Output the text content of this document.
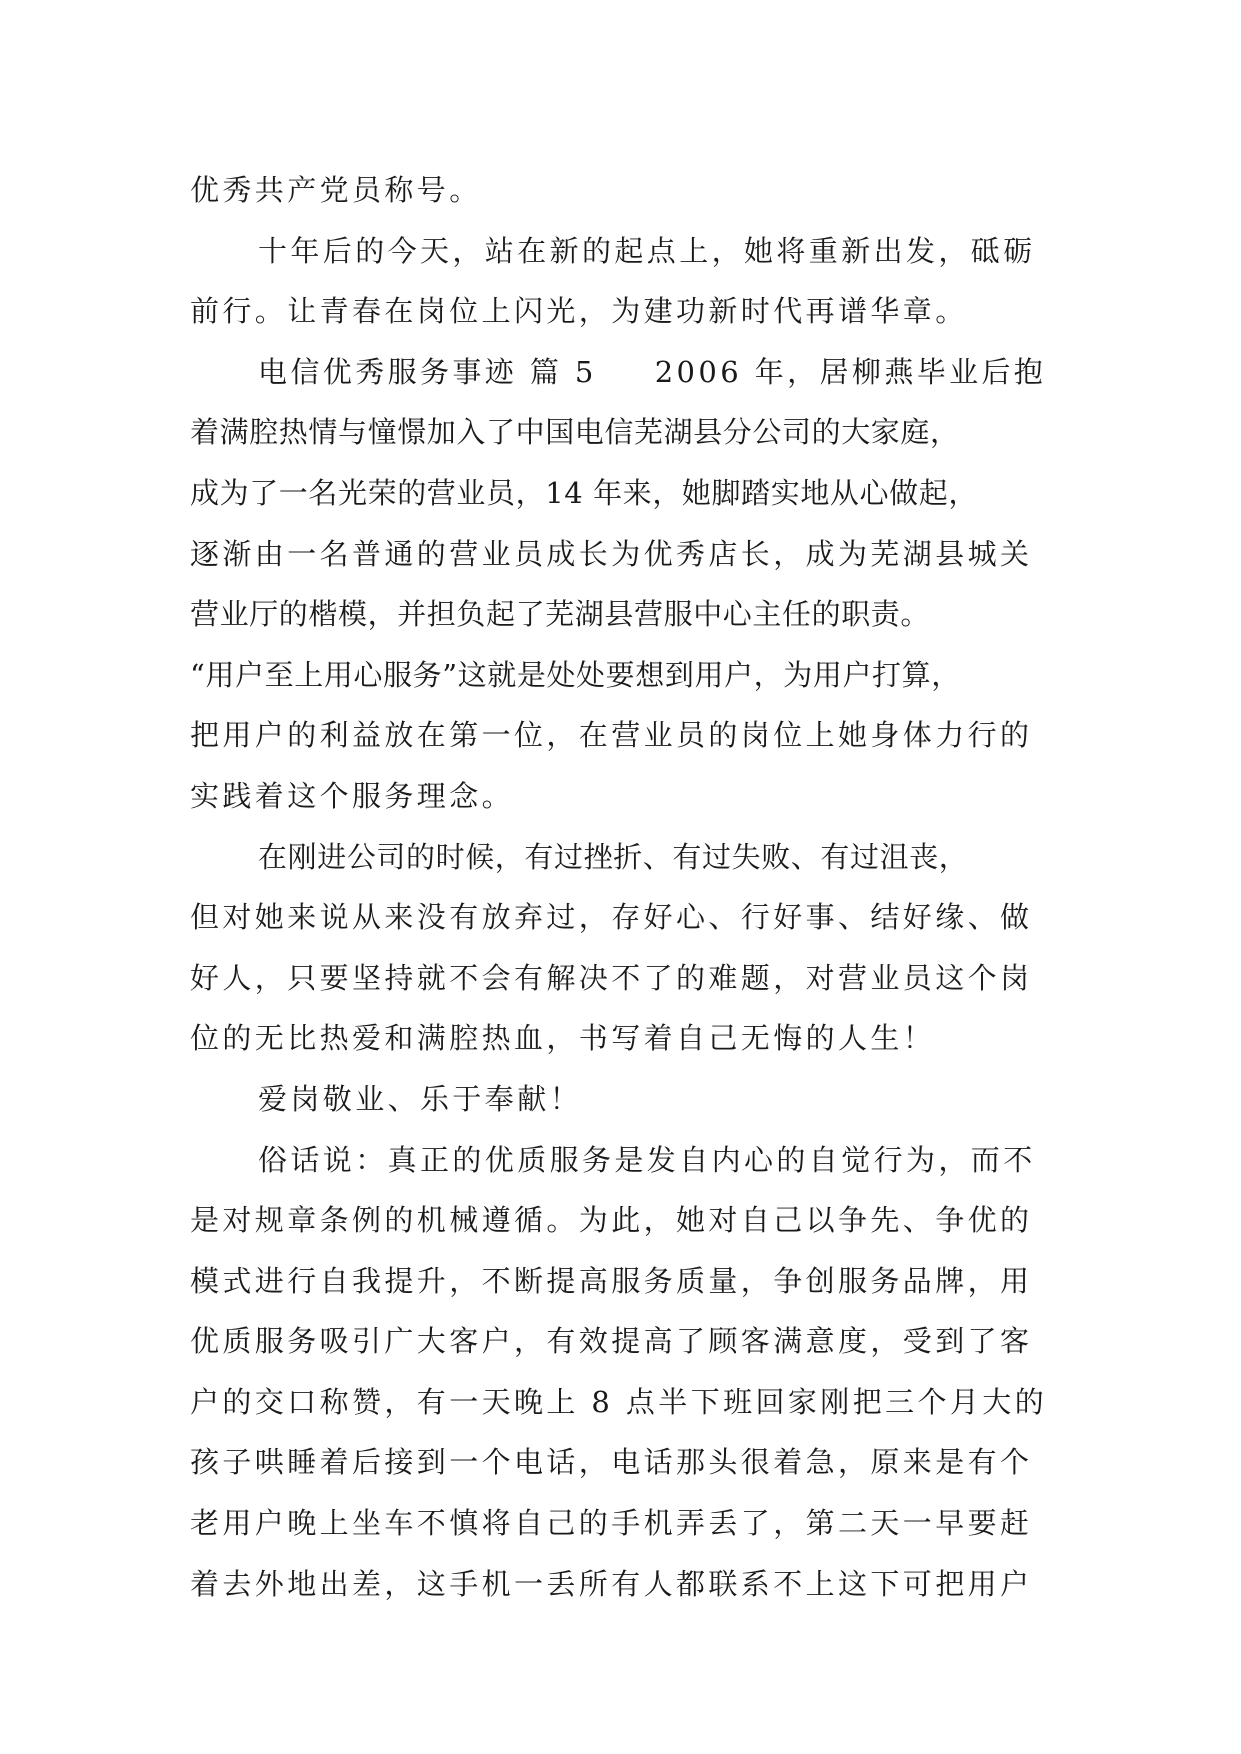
优秀共产党员称号。
十年后的今天，站在新的起点上，她将重新出发，砥砺
前行。让青春在岗位上闪光，为建功新时代再谱华章。
电信优秀服务事迹 篇 5 2006 年，居柳燕毕业后抱
着满腔热情与憧憬加入了中国电信芜湖县分公司的大家庭，
成为了一名光荣的营业员，14 年来，她脚踏实地从心做起，
逐渐由一名普通的营业员成长为优秀店长，成为芜湖县城关
营业厅的楷模，并担负起了芜湖县营服中心主任的职责。
“用户至上用心服务”这就是处处要想到用户，为用户打算，
把用户的利益放在第一位，在营业员的岗位上她身体力行的
实践着这个服务理念。
在刚进公司的时候，有过挫折、有过失败、有过沮丧，
但对她来说从来没有放弃过，存好心、行好事、结好缘、做
好人，只要坚持就不会有解决不了的难题，对营业员这个岗
位的无比热爱和满腔热血，书写着自己无悔的人生！
爱岗敬业、乐于奉献！
俗话说：真正的优质服务是发自内心的自觉行为，而不
是对规章条例的机械遵循。为此，她对自己以争先、争优的
模式进行自我提升，不断提高服务质量，争创服务品牌，用
优质服务吸引广大客户，有效提高了顾客满意度，受到了客
户的交口称赞，有一天晚上 8 点半下班回家刚把三个月大的
孩子哄睡着后接到一个电话，电话那头很着急，原来是有个
老用户晚上坐车不慎将自己的手机弄丢了，第二天一早要赶
着去外地出差，这手机一丢所有人都联系不上这下可把用户
